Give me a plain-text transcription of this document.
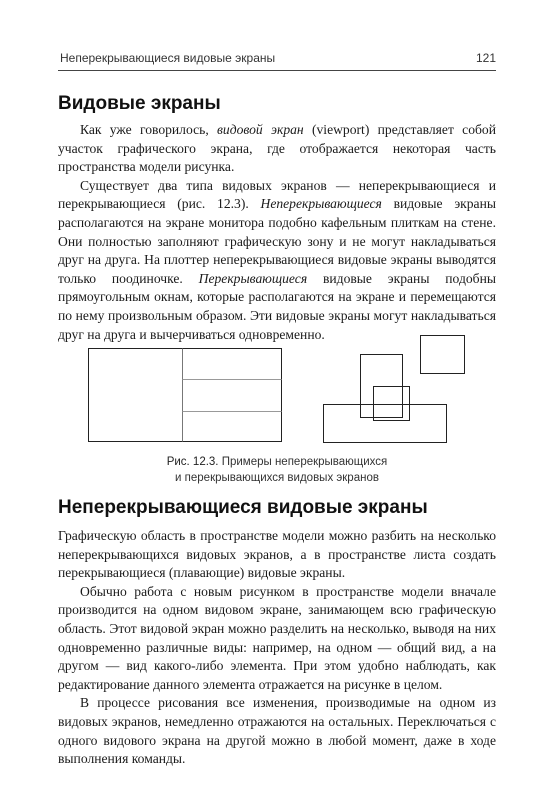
Неперекрывающиеся видовые экраны	121
Видовые экраны

Как уже говорилось, видовой экран (viewport) представляет собой участок графического экрана, где отображается некоторая часть пространства модели рисунка.

Существует два типа видовых экранов — неперекрывающиеся и перекрывающиеся (рис. 12.3). Неперекрывающиеся видовые экраны располагаются на экране монитора подобно кафельным плиткам на стене. Они полностью заполняют графическую зону и не могут накладываться друг на друга. На плоттер неперекрывающиеся видовые экраны выводятся только поодиночке. Перекрывающиеся видовые экраны подобны прямоугольным окнам, которые располагаются на экране и перемещаются по нему произвольным образом. Эти видовые экраны могут накладываться друг на друга и вычерчиваться одновременно.

Рис. 12.3. Примеры неперекрывающихся
и перекрывающихся видовых экранов
Неперекрывающиеся видовые экраны

Графическую область в пространстве модели можно разбить на несколько неперекрывающихся видовых экранов, а в пространстве листа создать перекрывающиеся (плавающие) видовые экраны.

Обычно работа с новым рисунком в пространстве модели вначале производится на одном видовом экране, занимающем всю графическую область. Этот видовой экран можно разделить на несколько, выводя на них одновременно различные виды: например, на одном — общий вид, а на другом — вид какого-либо элемента. При этом удобно наблюдать, как редактирование данного элемента отражается на рисунке в целом.

В процессе рисования все изменения, производимые на одном из видовых экранов, немедленно отражаются на остальных. Переключаться с одного видового экрана на другой можно в любой момент, даже в ходе выполнения команды.
